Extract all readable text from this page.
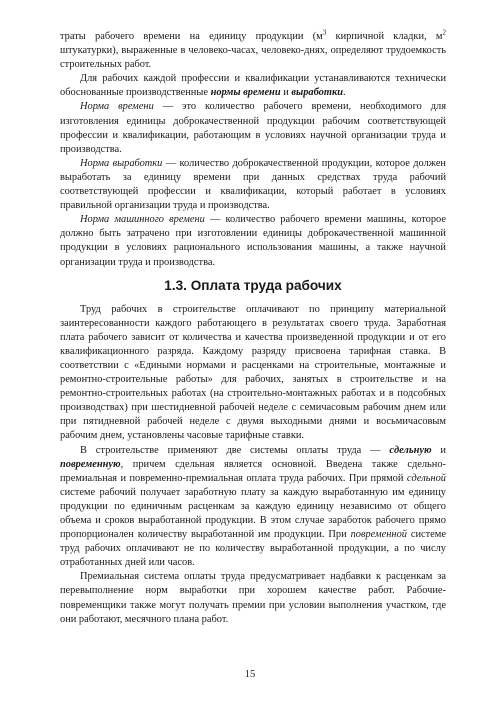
траты рабочего времени на единицу продукции ($м^3$ кирпичной кладки, $м^2$ штукатурки), выраженные в человеко-часах, человеко-днях, определяют трудоемкость строительных работ.

Для рабочих каждой профессии и квалификации устанавливаются технически обоснованные производственные нормы времени и выработки.

Норма времени — это количество рабочего времени, необходимого для изготовления единицы доброкачественной продукции рабочим соответствующей профессии и квалификации, работающим в условиях научной организации труда и производства.

Норма выработки — количество доброкачественной продукции, которое должен выработать за единицу времени при данных средствах труда рабочий соответствующей профессии и квалификации, который работает в условиях правильной организации труда и производства.

Норма машинного времени — количество рабочего времени машины, которое должно быть затрачено при изготовлении единицы доброкачественной машинной продукции в условиях рационального использования машины, а также научной организации труда и производства.

1.3. Оплата труда рабочих

Труд рабочих в строительстве оплачивают по принципу материальной заинтересованности каждого работающего в результатах своего труда. Заработная плата рабочего зависит от количества и качества произведенной продукции и от его квалификационного разряда. Каждому разряду присвоена тарифная ставка. В соответствии с «Едиными нормами и расценками на строительные, монтажные и ремонтно-строительные работы» для рабочих, занятых в строительстве и на ремонтно-строительных работах (на строительно-монтажных работах и в подсобных производствах) при шестидневной рабочей неделе с семичасовым рабочим днем или при пятидневной рабочей неделе с двумя выходными днями и восьмичасовым рабочим днем, установлены часовые тарифные ставки.

В строительстве применяют две системы оплаты труда — сдельную и повременную, причем сдельная является основной. Введена также сдельно-премиальная и повременно-премиальная оплата труда рабочих. При прямой сдельной системе рабочий получает заработную плату за каждую выработанную им единицу продукции по единичным расценкам за каждую единицу независимо от общего объема и сроков выработанной продукции. В этом случае заработок рабочего прямо пропорционален количеству выработанной им продукции. При повременной системе труд рабочих оплачивают не по количеству выработанной продукции, а по числу отработанных дней или часов.

Премиальная система оплаты труда предусматривает надбавки к расценкам за перевыполнение норм выработки при хорошем качестве работ. Рабочие-повременщики также могут получать премии при условии выполнения участком, где они работают, месячного плана работ.

15
